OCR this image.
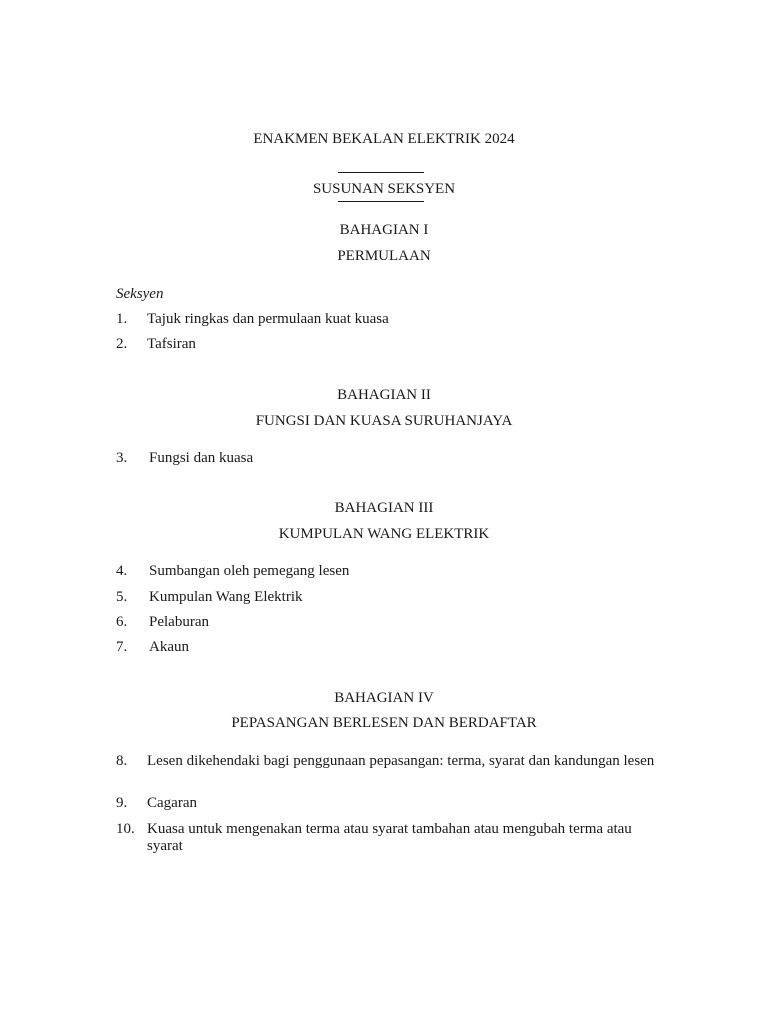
ENAKMEN BEKALAN ELEKTRIK 2024
SUSUNAN SEKSYEN
BAHAGIAN I
PERMULAAN
Seksyen
1. Tajuk ringkas dan permulaan kuat kuasa
2. Tafsiran
BAHAGIAN II
FUNGSI DAN KUASA SURUHANJAYA
3. Fungsi dan kuasa
BAHAGIAN III
KUMPULAN WANG ELEKTRIK
4. Sumbangan oleh pemegang lesen
5. Kumpulan Wang Elektrik
6. Pelaburan
7. Akaun
BAHAGIAN IV
PEPASANGAN BERLESEN DAN BERDAFTAR
8. Lesen dikehendaki bagi penggunaan pepasangan: terma, syarat dan kandungan lesen
9. Cagaran
10. Kuasa untuk mengenakan terma atau syarat tambahan atau mengubah terma atau syarat
